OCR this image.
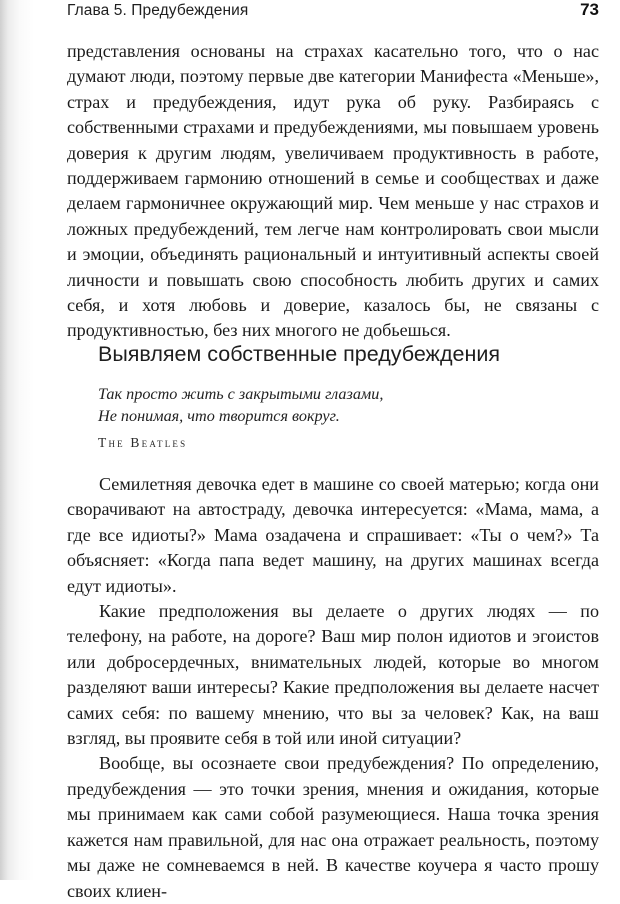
Глава 5. Предубеждения	73

представления основаны на страхах касательно того, что о нас думают люди, поэтому первые две категории Манифеста «Меньше», страх и предубеждения, идут рука об руку. Разбираясь с собственными страхами и предубеждениями, мы повышаем уровень доверия к другим людям, увеличиваем продуктивность в работе, поддерживаем гармонию отношений в семье и сообществах и даже делаем гармоничнее окружающий мир. Чем меньше у нас страхов и ложных предубеждений, тем легче нам контролировать свои мысли и эмоции, объединять рациональный и интуитивный аспекты своей личности и повышать свою способность любить других и самих себя, и хотя любовь и доверие, казалось бы, не связаны с продуктивностью, без них многого не добьешься.

Выявляем собственные предубеждения
Так просто жить с закрытыми глазами,
Не понимая, что творится вокруг.
The Beatles

Семилетняя девочка едет в машине со своей матерью; когда они сворачивают на автостраду, девочка интересуется: «Мама, мама, а где все идиоты?» Мама озадачена и спрашивает: «Ты о чем?» Та объясняет: «Когда папа ведет машину, на других машинах всегда едут идиоты».

Какие предположения вы делаете о других людях — по телефону, на работе, на дороге? Ваш мир полон идиотов и эгоистов или добросердечных, внимательных людей, которые во многом разделяют ваши интересы? Какие предположения вы делаете насчет самих себя: по вашему мнению, что вы за человек? Как, на ваш взгляд, вы проявите себя в той или иной ситуации?

Вообще, вы осознаете свои предубеждения? По определению, предубеждения — это точки зрения, мнения и ожидания, которые мы принимаем как сами собой разумеющиеся. Наша точка зрения кажется нам правильной, для нас она отражает реальность, поэтому мы даже не сомневаемся в ней. В качестве коучера я часто прошу своих клиен-
